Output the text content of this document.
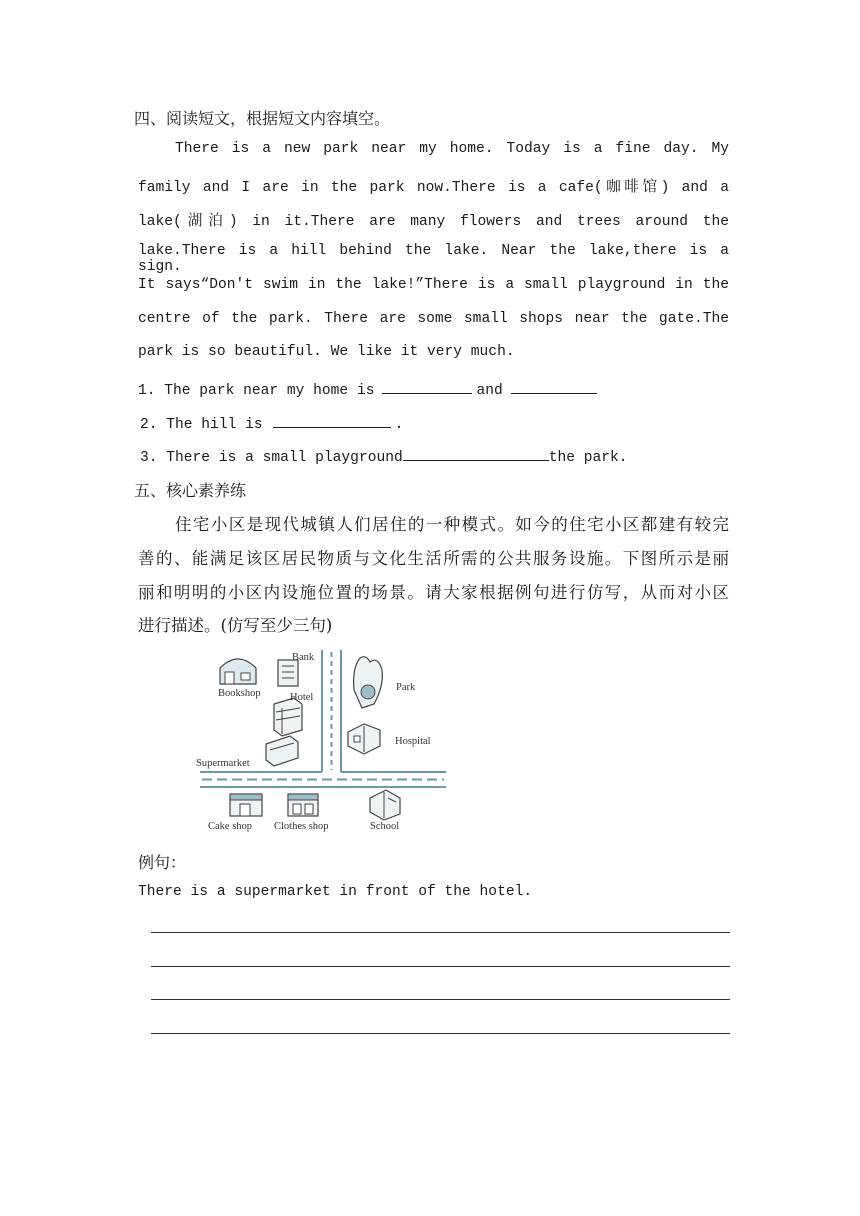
四、阅读短文，根据短文内容填空。
There is a new park near my home. Today is a fine day. My
family and I are in the park now.There is a cafe(咖啡馆) and a
lake(湖泊) in it.There are many flowers and trees around the
lake.There is a hill behind the lake. Near the lake,there is a sign.
It says“Don't swim in the lake!”There is a small playground in the
centre of the park. There are some small shops near the gate.The
park is so beautiful. We like it very much.
1. The park near my home is	and
2. The hill is	.
3. There is a small playground	the park.
五、核心素养练
住宅小区是现代城镇人们居住的一种模式。如今的住宅小区都建有较完
善的、能满足该区居民物质与文化生活所需的公共服务设施。下图所示是丽
丽和明明的小区内设施位置的场景。请大家根据例句进行仿写，从而对小区
进行描述。(仿写至少三句)
Bookshop
Bank
Hotel
Supermarket
Park
Hospital
Cake shop Clothes shop	School
例句：
There is a supermarket in front of the hotel.
